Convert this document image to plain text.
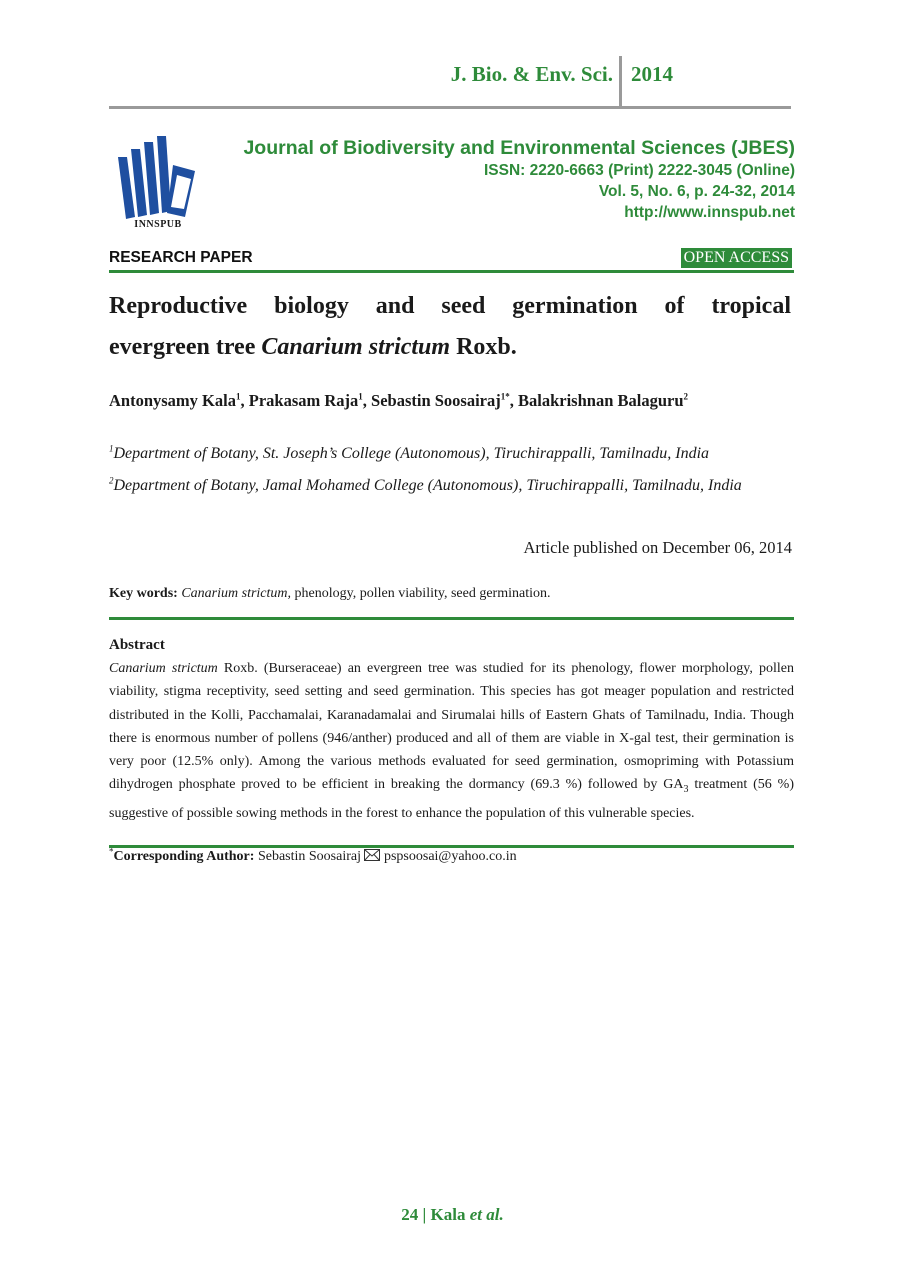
J. Bio. & Env. Sci. 2014
INNSPUB
Journal of Biodiversity and Environmental Sciences (JBES)
ISSN: 2220-6663 (Print) 2222-3045 (Online)
Vol. 5, No. 6, p. 24-32, 2014
http://www.innspub.net
RESEARCH PAPER	OPEN ACCESS
Reproductive biology and seed germination of tropical
evergreen tree Canarium strictum Roxb.
Antonysamy Kala$^1$, Prakasam Raja$^1$, Sebastin Soosairaj$^{1*}$, Balakrishnan Balaguru$^2$
$^1$Department of Botany, St. Joseph’s College (Autonomous), Tiruchirappalli, Tamilnadu, India
$^2$Department of Botany, Jamal Mohamed College (Autonomous), Tiruchirappalli, Tamilnadu, India
Article published on December 06, 2014
Key words: Canarium strictum, phenology, pollen viability, seed germination.
Abstract
Canarium strictum Roxb. (Burseraceae) an evergreen tree was studied for its phenology, flower morphology, pollen viability, stigma receptivity, seed setting and seed germination. This species has got meager population and restricted distributed in the Kolli, Pacchamalai, Karanadamalai and Sirumalai hills of Eastern Ghats of Tamilnadu, India. Though there is enormous number of pollens (946/anther) produced and all of them are viable in X-gal test, their germination is very poor (12.5% only). Among the various methods evaluated for seed germination, osmopriming with Potassium dihydrogen phosphate proved to be efficient in breaking the dormancy (69.3 %) followed by $GA_3$ treatment (56 %) suggestive of possible sowing methods in the forest to enhance the population of this vulnerable species.
*Corresponding Author: Sebastin Soosairaj  pspsoosai@yahoo.co.in
24 | Kala et al.
